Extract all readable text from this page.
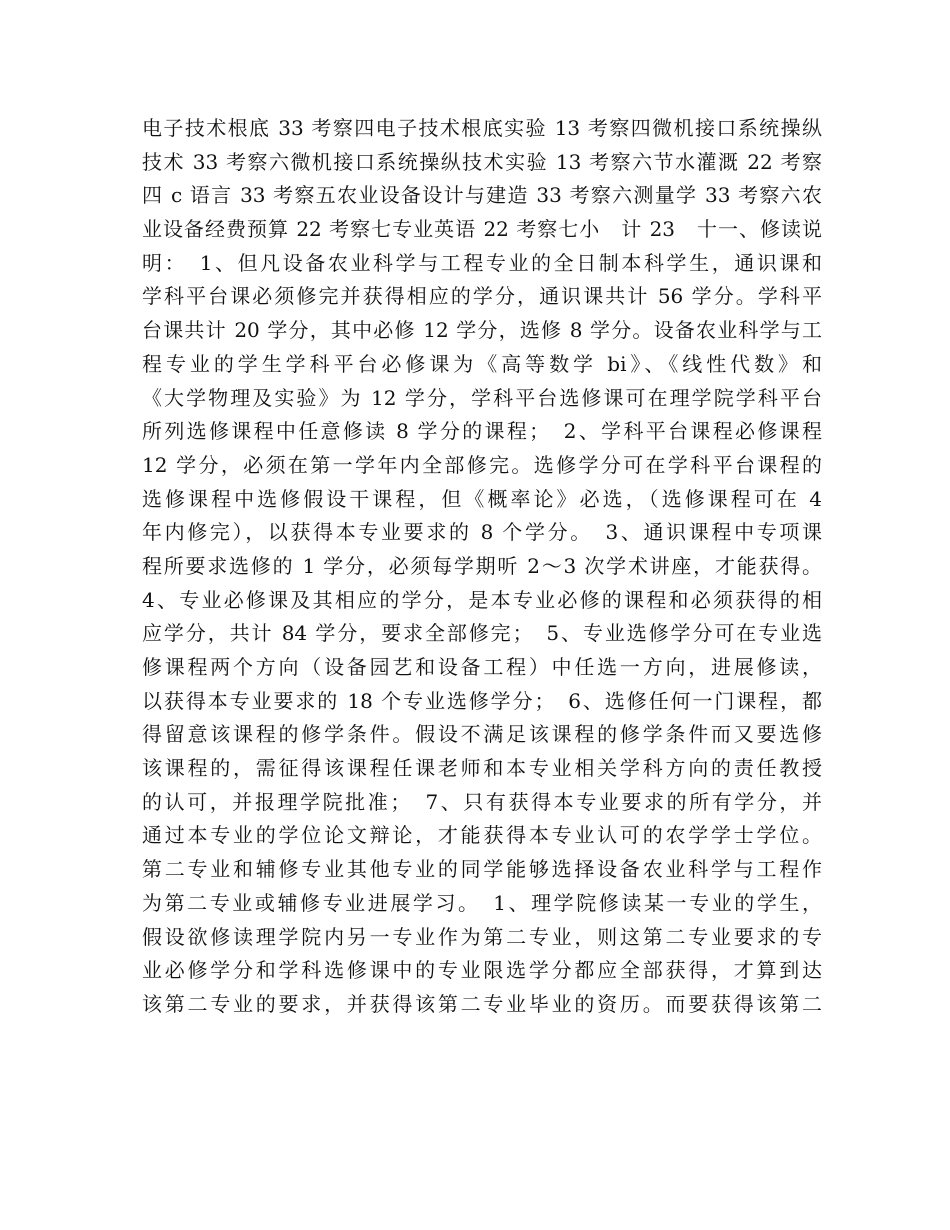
电子技术根底 33 考察四电子技术根底实验 13 考察四微机接口系统操纵
技术 33 考察六微机接口系统操纵技术实验 13 考察六节水灌溉 22 考察
四 c 语言 33 考察五农业设备设计与建造 33 考察六测量学 33 考察六农
业设备经费预算 22 考察七专业英语 22 考察七小　计 23　十一、修读说
明：　1、但凡设备农业科学与工程专业的全日制本科学生，通识课和
学科平台课必须修完并获得相应的学分，通识课共计 56 学分。学科平
台课共计 20 学分，其中必修 12 学分，选修 8 学分。设备农业科学与工
程专业的学生学科平台必修课为《高等数学 bi》、《线性代数》和
《大学物理及实验》为 12 学分，学科平台选修课可在理学院学科平台
所列选修课程中任意修读 8 学分的课程；　2、学科平台课程必修课程
12 学分，必须在第一学年内全部修完。选修学分可在学科平台课程的
选修课程中选修假设干课程，但《概率论》必选，（选修课程可在 4
年内修完），以获得本专业要求的 8 个学分。　3、通识课程中专项课
程所要求选修的 1 学分，必须每学期听 2～3 次学术讲座，才能获得。
4、专业必修课及其相应的学分，是本专业必修的课程和必须获得的相
应学分，共计 84 学分，要求全部修完；　5、专业选修学分可在专业选
修课程两个方向（设备园艺和设备工程）中任选一方向，进展修读，
以获得本专业要求的 18 个专业选修学分；　6、选修任何一门课程，都
得留意该课程的修学条件。假设不满足该课程的修学条件而又要选修
该课程的，需征得该课程任课老师和本专业相关学科方向的责任教授
的认可，并报理学院批准；　7、只有获得本专业要求的所有学分，并
通过本专业的学位论文辩论，才能获得本专业认可的农学学士学位。
第二专业和辅修专业其他专业的同学能够选择设备农业科学与工程作
为第二专业或辅修专业进展学习。　1、理学院修读某一专业的学生，
假设欲修读理学院内另一专业作为第二专业，则这第二专业要求的专
业必修学分和学科选修课中的专业限选学分都应全部获得，才算到达
该第二专业的要求，并获得该第二专业毕业的资历。而要获得该第二
